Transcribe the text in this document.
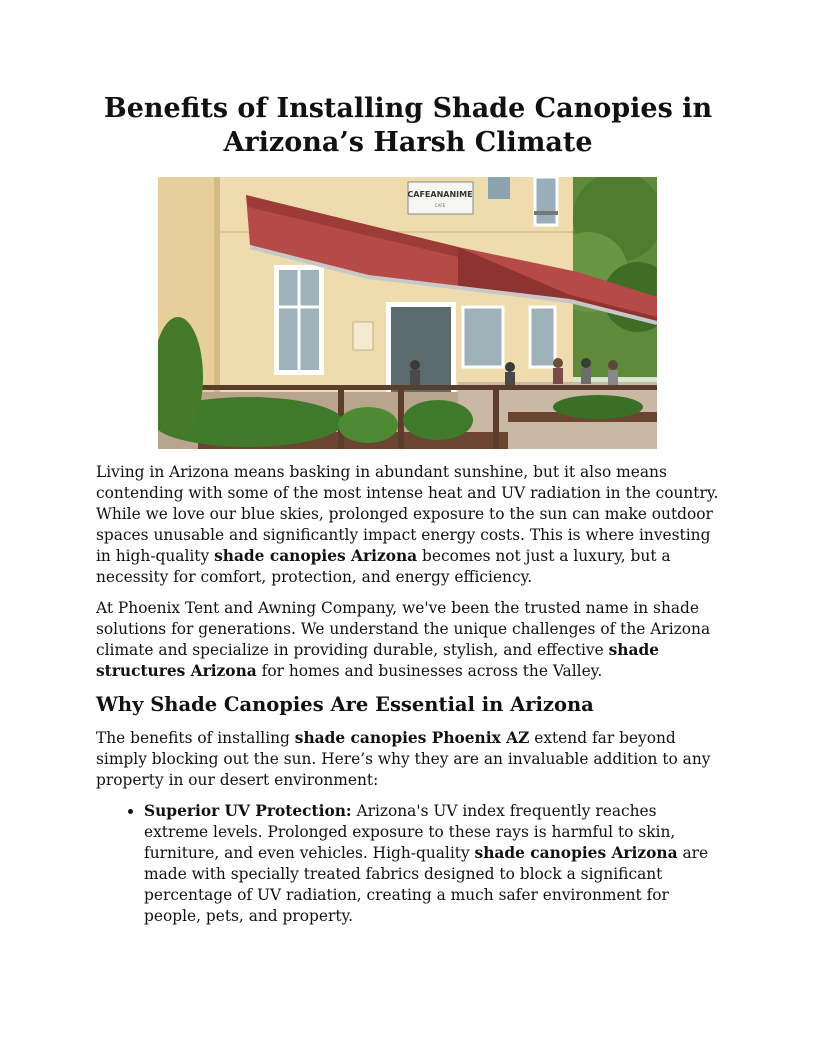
Benefits of Installing Shade Canopies in
Arizona’s Harsh Climate
CAFEANANIME
CAFE

Living in Arizona means basking in abundant sunshine, but it also means contending with some of the most intense heat and UV radiation in the country. While we love our blue skies, prolonged exposure to the sun can make outdoor spaces unusable and significantly impact energy costs. This is where investing in high-quality shade canopies Arizona becomes not just a luxury, but a necessity for comfort, protection, and energy efficiency.

At Phoenix Tent and Awning Company, we've been the trusted name in shade solutions for generations. We understand the unique challenges of the Arizona climate and specialize in providing durable, stylish, and effective shade structures Arizona for homes and businesses across the Valley.

Why Shade Canopies Are Essential in Arizona

The benefits of installing shade canopies Phoenix AZ extend far beyond simply blocking out the sun. Here’s why they are an invaluable addition to any property in our desert environment:

• Superior UV Protection: Arizona's UV index frequently reaches extreme levels. Prolonged exposure to these rays is harmful to skin, furniture, and even vehicles. High-quality shade canopies Arizona are made with specially treated fabrics designed to block a significant percentage of UV radiation, creating a much safer environment for people, pets, and property.
